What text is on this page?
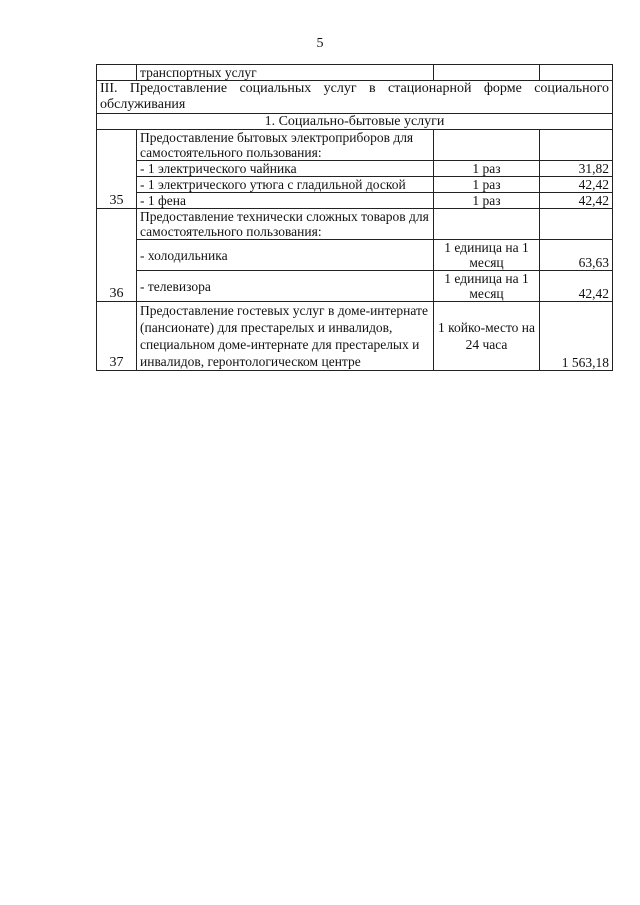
5
	транспортных услуг		
III. Предоставление социальных услуг в стационарной форме социального обслуживания			
1. Социально-бытовые услуги			
35	Предоставление бытовых электроприборов для самостоятельного пользования:		
	- 1 электрического чайника	1 раз	31,82
	- 1 электрического утюга с гладильной доской	1 раз	42,42
	- 1 фена	1 раз	42,42
36	Предоставление технически сложных товаров для самостоятельного пользования:		
	- холодильника	1 единица на 1 месяц	63,63
	- телевизора	1 единица на 1 месяц	42,42
37	Предоставление гостевых услуг в доме-интернате (пансионате) для престарелых и инвалидов, специальном доме-интернате для престарелых и инвалидов, геронтологическом центре	1 койко-место на 24 часа	1 563,18
